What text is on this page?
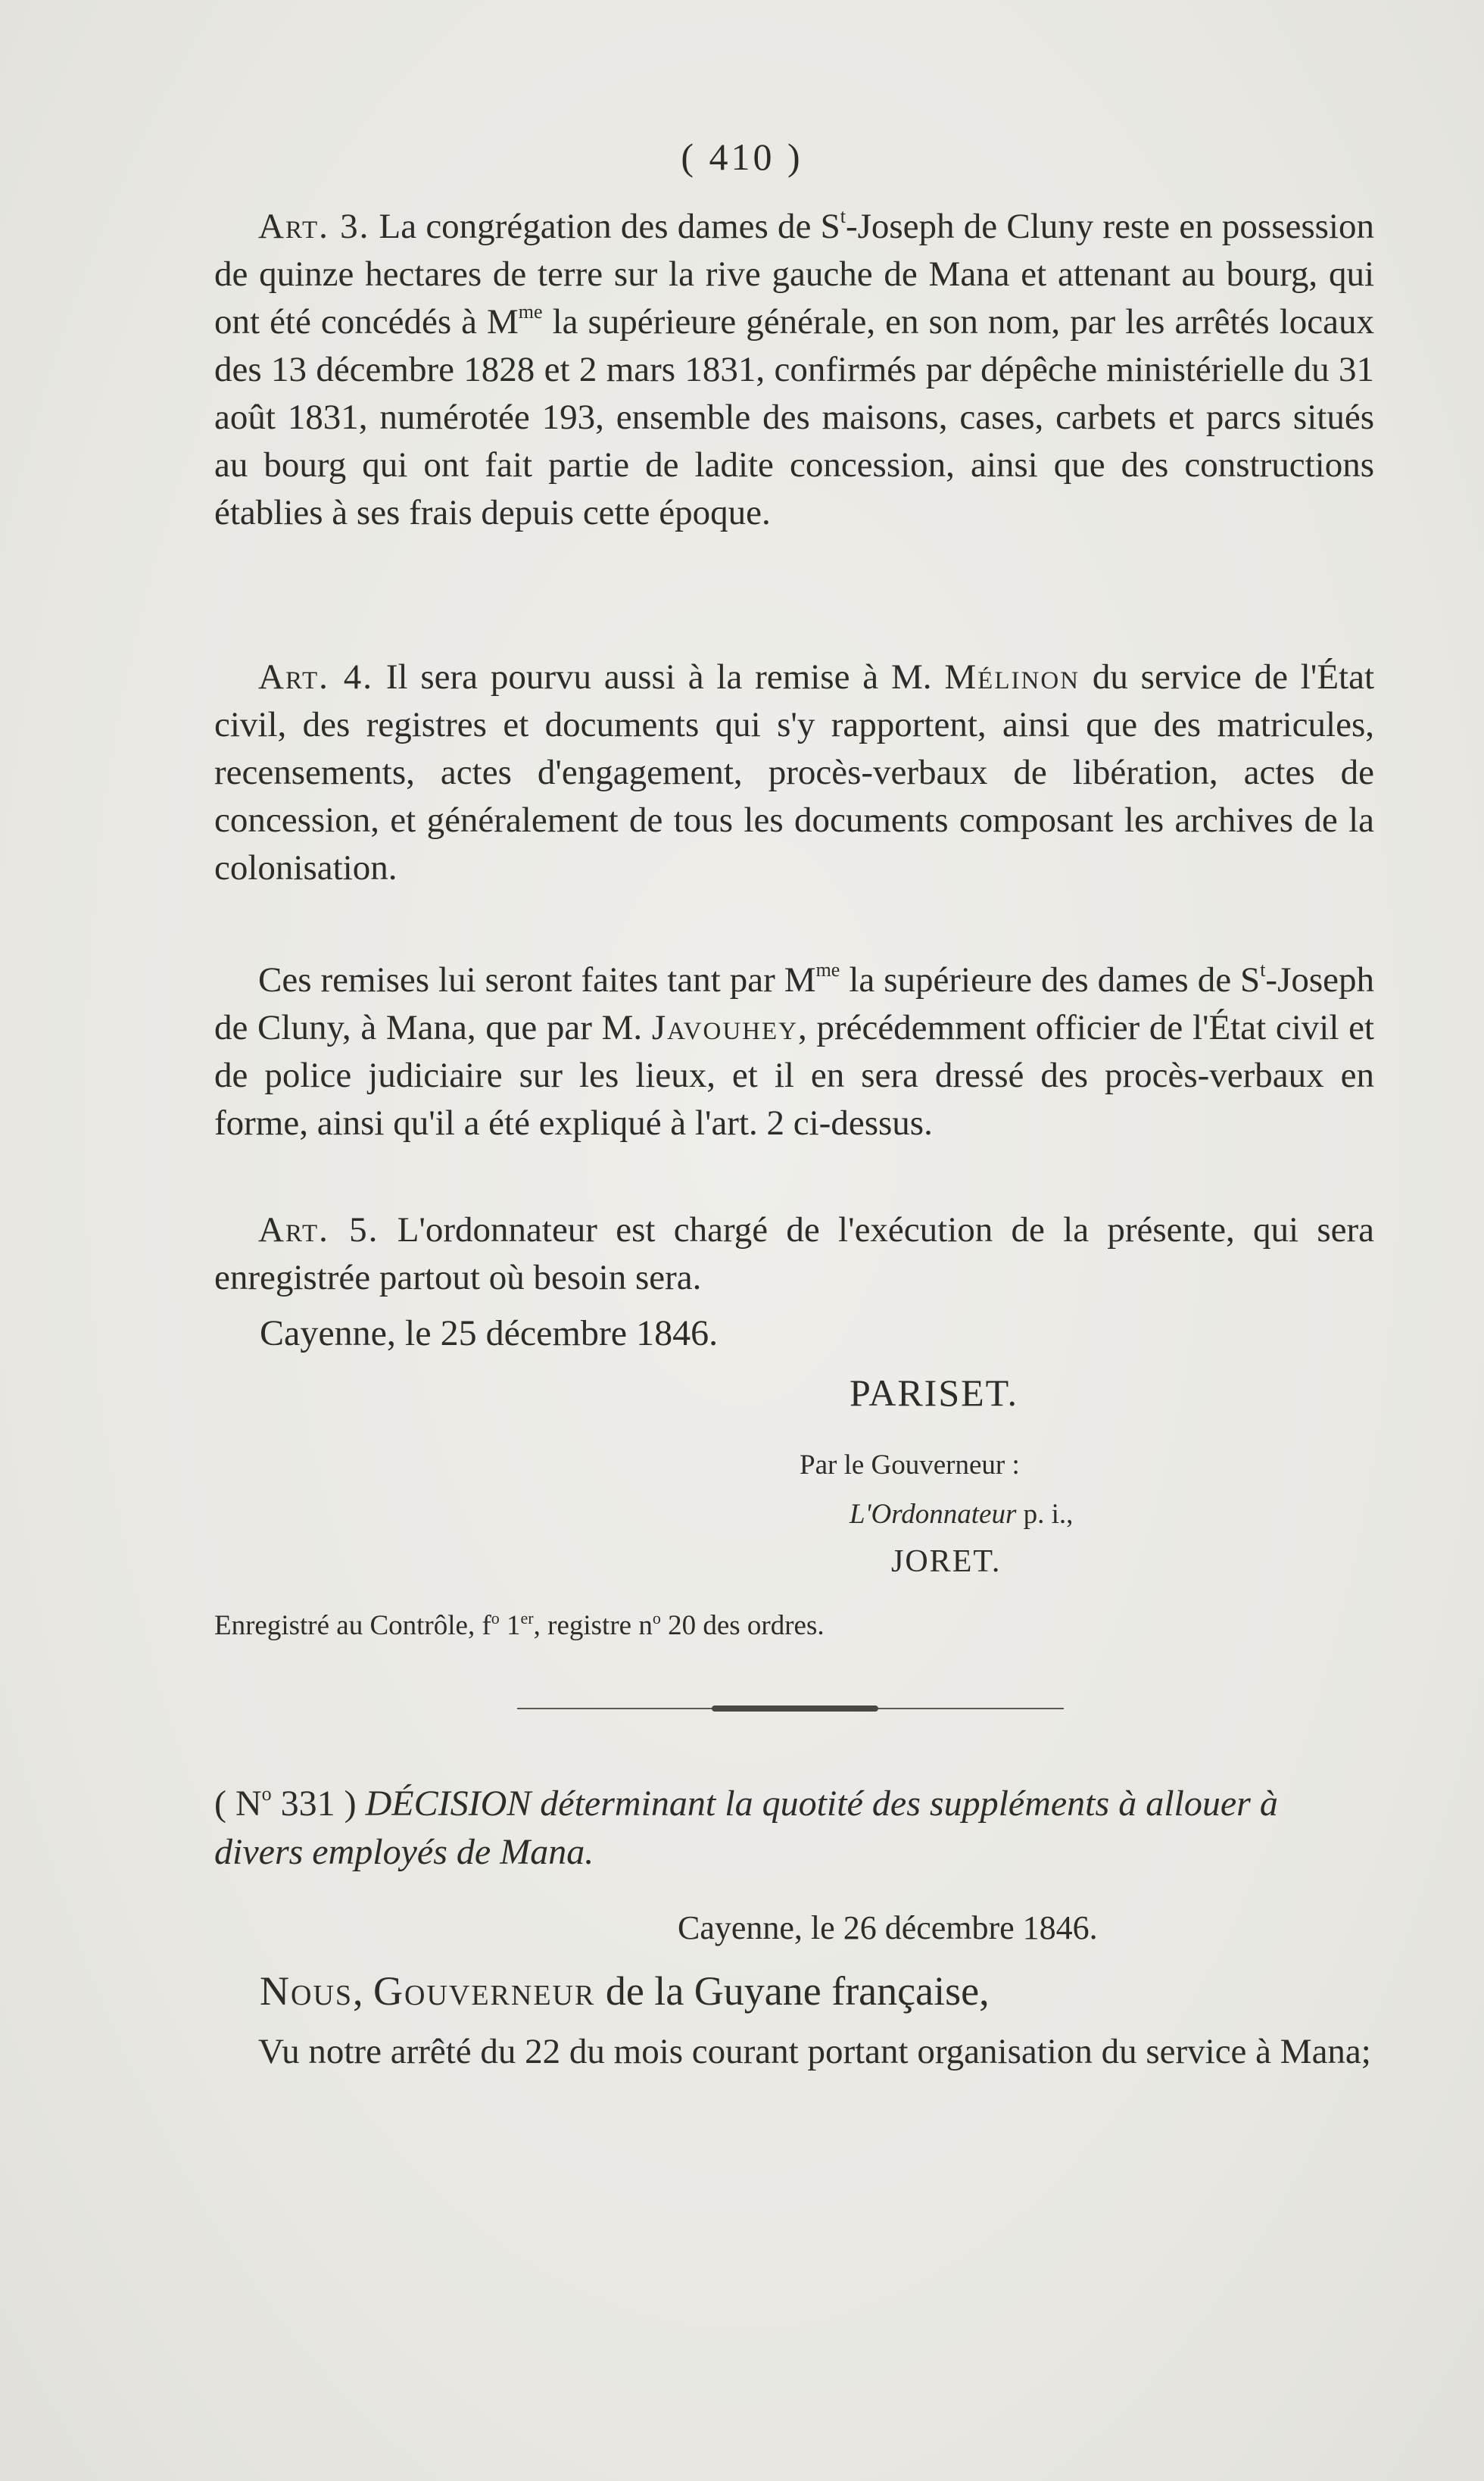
( 410 )
Art. 3. La congrégation des dames de $S^t$-Joseph de Cluny reste en possession de quinze hectares de terre sur la rive gauche de Mana et attenant au bourg, qui ont été concédés à $M^{me}$ la supérieure générale, en son nom, par les arrêtés locaux des 13 décembre 1828 et 2 mars 1831, confirmés par dépêche ministérielle du 31 août 1831, numérotée 193, ensemble des maisons, cases, carbets et parcs situés au bourg qui ont fait partie de ladite concession, ainsi que des constructions établies à ses frais depuis cette époque.
Art. 4. Il sera pourvu aussi à la remise à M. Mélinon du service de l'État civil, des registres et documents qui s'y rapportent, ainsi que des matricules, recensements, actes d'engagement, procès-verbaux de libération, actes de concession, et généralement de tous les documents composant les archives de la colonisation.
Ces remises lui seront faites tant par $M^{me}$ la supérieure des dames de $S^t$-Joseph de Cluny, à Mana, que par M. Javouhey, précédemment officier de l'État civil et de police judiciaire sur les lieux, et il en sera dressé des procès-verbaux en forme, ainsi qu'il a été expliqué à l'art. 2 ci-dessus.
Art. 5. L'ordonnateur est chargé de l'exécution de la présente, qui sera enregistrée partout où besoin sera.
Cayenne, le 25 décembre 1846.
PARISET.
Par le Gouverneur :
L'Ordonnateur p. i.,
JORET.
Enregistré au Contrôle, $f^o$ 1er, registre $n^o$ 20 des ordres.
( $N^o$ 331 ) DÉCISION déterminant la quotité des suppléments à allouer à divers employés de Mana.
Cayenne, le 26 décembre 1846.
Nous, Gouverneur de la Guyane française,
Vu notre arrêté du 22 du mois courant portant organisation du service à Mana;
